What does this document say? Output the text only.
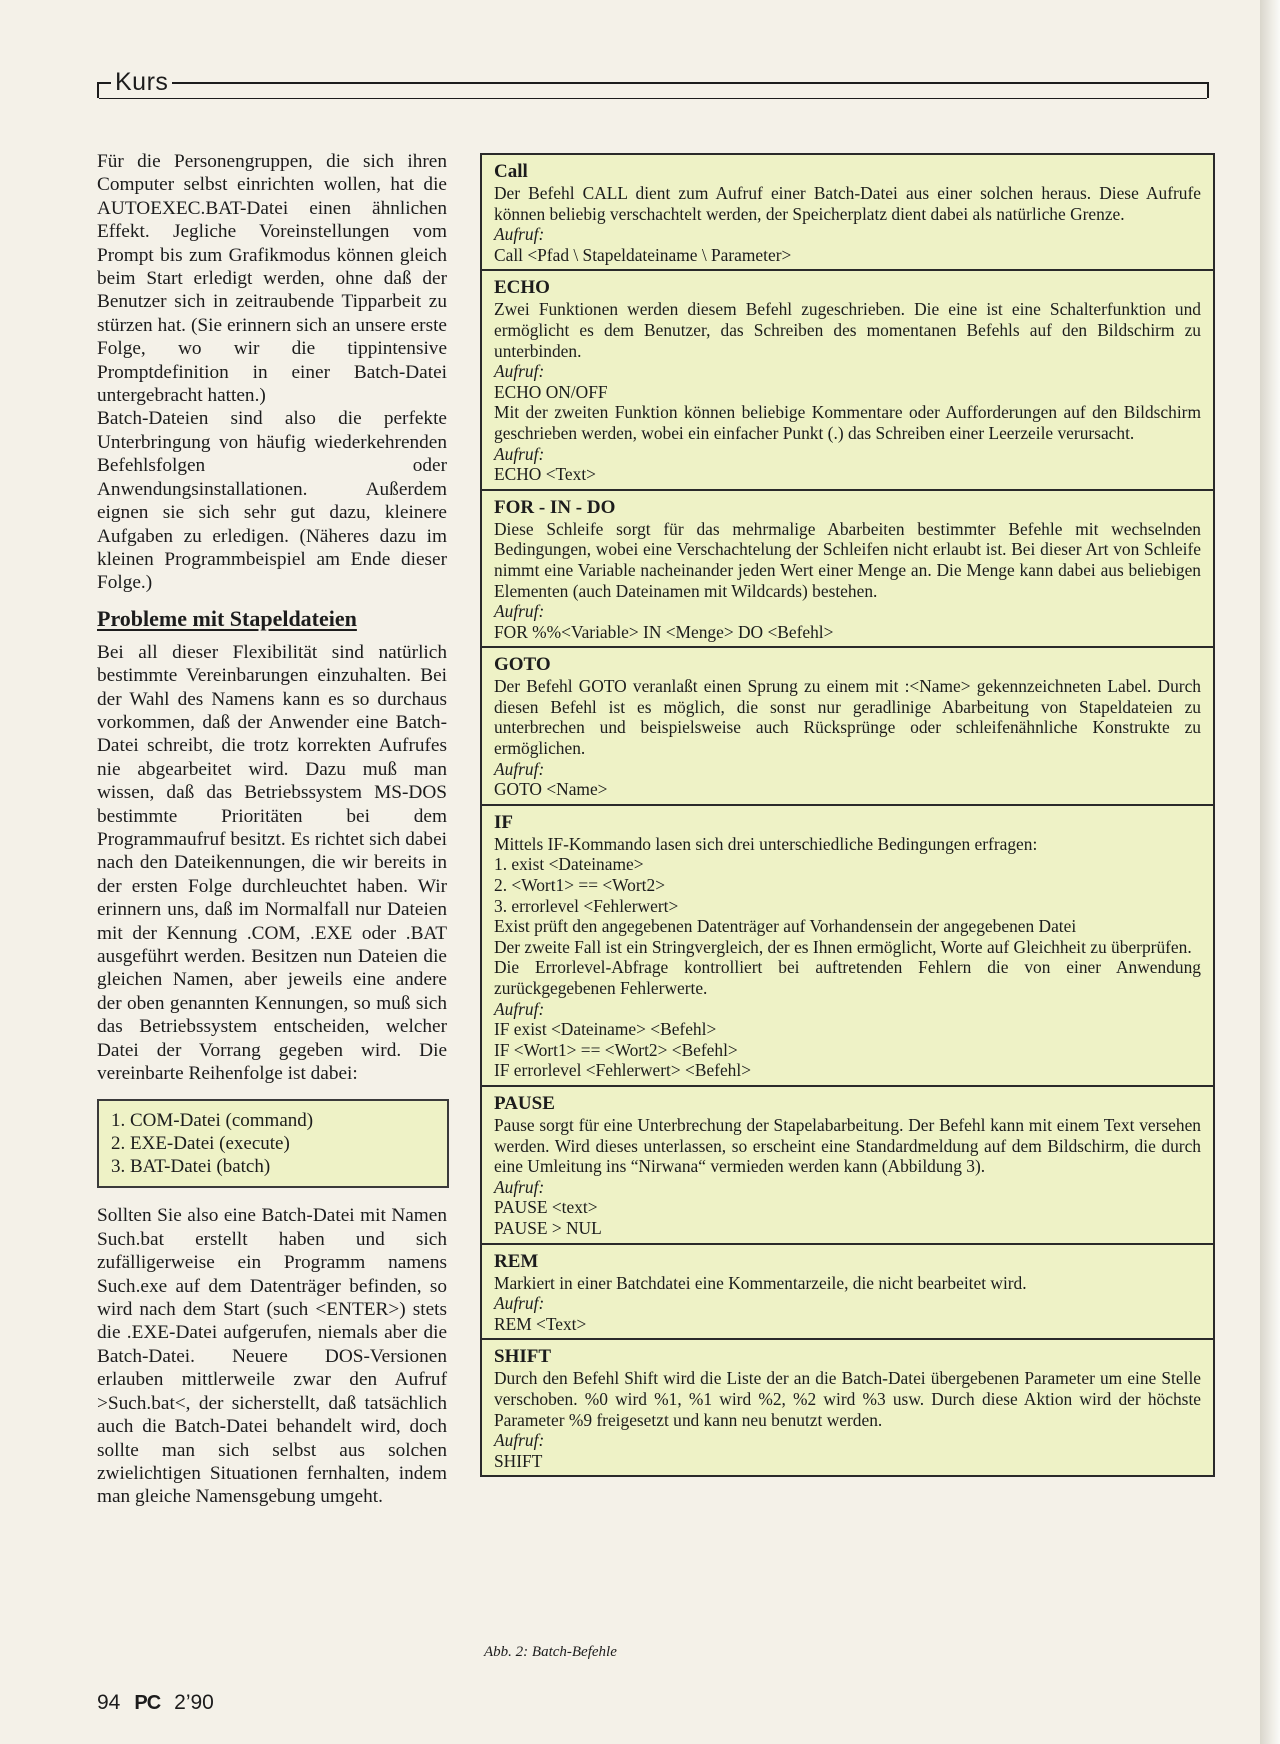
Kurs

Für die Personengruppen, die sich ihren Computer selbst einrichten wollen, hat die AUTOEXEC.BAT-Datei einen ähnlichen Effekt. Jegliche Voreinstellungen vom Prompt bis zum Grafikmodus können gleich beim Start erledigt werden, ohne daß der Benutzer sich in zeitraubende Tipparbeit zu stürzen hat. (Sie erinnern sich an unsere erste Folge, wo wir die tippintensive Promptdefinition in einer Batch-Datei untergebracht hatten.)

Batch-Dateien sind also die perfekte Unterbringung von häufig wiederkehrenden Befehlsfolgen oder Anwendungsinstallationen. Außerdem eignen sie sich sehr gut dazu, kleinere Aufgaben zu erledigen. (Näheres dazu im kleinen Programmbeispiel am Ende dieser Folge.)

Probleme mit Stapeldateien

Bei all dieser Flexibilität sind natürlich bestimmte Vereinbarungen einzuhalten. Bei der Wahl des Namens kann es so durchaus vorkommen, daß der Anwender eine Batch-Datei schreibt, die trotz korrekten Aufrufes nie abgearbeitet wird. Dazu muß man wissen, daß das Betriebssystem MS-DOS bestimmte Prioritäten bei dem Programmaufruf besitzt. Es richtet sich dabei nach den Dateikennungen, die wir bereits in der ersten Folge durchleuchtet haben. Wir erinnern uns, daß im Normalfall nur Dateien mit der Kennung .COM, .EXE oder .BAT ausgeführt werden. Besitzen nun Dateien die gleichen Namen, aber jeweils eine andere der oben genannten Kennungen, so muß sich das Betriebssystem entscheiden, welcher Datei der Vorrang gegeben wird. Die vereinbarte Reihenfolge ist dabei:

1. COM-Datei (command)
2. EXE-Datei (execute)
3. BAT-Datei (batch)

Sollten Sie also eine Batch-Datei mit Namen Such.bat erstellt haben und sich zufälligerweise ein Programm namens Such.exe auf dem Datenträger befinden, so wird nach dem Start (such <ENTER>) stets die .EXE-Datei aufgerufen, niemals aber die Batch-Datei. Neuere DOS-Versionen erlauben mittlerweile zwar den Aufruf >Such.bat<, der sicherstellt, daß tatsächlich auch die Batch-Datei behandelt wird, doch sollte man sich selbst aus solchen zwielichtigen Situationen fernhalten, indem man gleiche Namensgebung umgeht.

Call
Der Befehl CALL dient zum Aufruf einer Batch-Datei aus einer solchen heraus. Diese Aufrufe können beliebig verschachtelt werden, der Speicherplatz dient dabei als natürliche Grenze.
Aufruf:
Call <Pfad \ Stapeldateiname \ Parameter>
ECHO
Zwei Funktionen werden diesem Befehl zugeschrieben. Die eine ist eine Schalterfunktion und ermöglicht es dem Benutzer, das Schreiben des momentanen Befehls auf den Bildschirm zu unterbinden.
Aufruf:
ECHO ON/OFF
Mit der zweiten Funktion können beliebige Kommentare oder Aufforderungen auf den Bildschirm geschrieben werden, wobei ein einfacher Punkt (.) das Schreiben einer Leerzeile verursacht.
Aufruf:
ECHO <Text>
FOR - IN - DO
Diese Schleife sorgt für das mehrmalige Abarbeiten bestimmter Befehle mit wechselnden Bedingungen, wobei eine Verschachtelung der Schleifen nicht erlaubt ist. Bei dieser Art von Schleife nimmt eine Variable nacheinander jeden Wert einer Menge an. Die Menge kann dabei aus beliebigen Elementen (auch Dateinamen mit Wildcards) bestehen.
Aufruf:
FOR %%<Variable> IN <Menge> DO <Befehl>
GOTO
Der Befehl GOTO veranlaßt einen Sprung zu einem mit :<Name> gekennzeichneten Label. Durch diesen Befehl ist es möglich, die sonst nur geradlinige Abarbeitung von Stapeldateien zu unterbrechen und beispielsweise auch Rücksprünge oder schleifenähnliche Konstrukte zu ermöglichen.
Aufruf:
GOTO <Name>
IF
Mittels IF-Kommando lasen sich drei unterschiedliche Bedingungen erfragen:
1. exist <Dateiname>
2. <Wort1> == <Wort2>
3. errorlevel <Fehlerwert>
Exist prüft den angegebenen Datenträger auf Vorhandensein der angegebenen Datei
Der zweite Fall ist ein Stringvergleich, der es Ihnen ermöglicht, Worte auf Gleichheit zu überprüfen.
Die Errorlevel-Abfrage kontrolliert bei auftretenden Fehlern die von einer Anwendung zurückgegebenen Fehlerwerte.
Aufruf:
IF exist <Dateiname> <Befehl>
IF <Wort1> == <Wort2> <Befehl>
IF errorlevel <Fehlerwert> <Befehl>
PAUSE
Pause sorgt für eine Unterbrechung der Stapelabarbeitung. Der Befehl kann mit einem Text versehen werden. Wird dieses unterlassen, so erscheint eine Standardmeldung auf dem Bildschirm, die durch eine Umleitung ins “Nirwana“ vermieden werden kann (Abbildung 3).
Aufruf:
PAUSE <text>
PAUSE > NUL
REM
Markiert in einer Batchdatei eine Kommentarzeile, die nicht bearbeitet wird.
Aufruf:
REM <Text>
SHIFT
Durch den Befehl Shift wird die Liste der an die Batch-Datei übergebenen Parameter um eine Stelle verschoben. %0 wird %1, %1 wird %2, %2 wird %3 usw. Durch diese Aktion wird der höchste Parameter %9 freigesetzt und kann neu benutzt werden.
Aufruf:
SHIFT
Abb. 2: Batch-Befehle
94 PC 2’90
